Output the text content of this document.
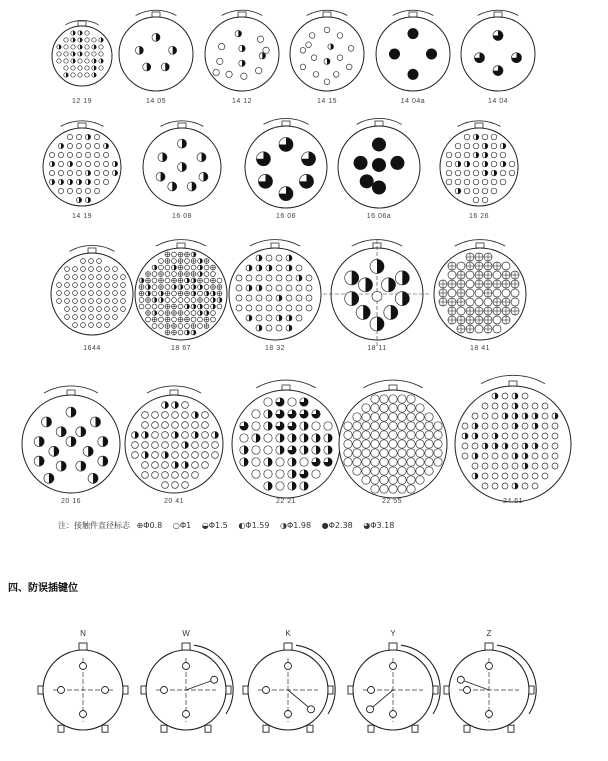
12 19	14 05	14 12	14 15	14 04a	14 04
14 19	16 08	16 06	16 06a	16 26
1644	18 67	18 32	18 11	18 41
20 16	20 41	22 21	22 55	24 61
注：接触件直径标志 ⊕Φ0.8 ○Φ1 ◒Φ1.5 ◐Φ1.59 ◑Φ1.98 ●Φ2.38 ◕Φ3.18
四、防误插键位
N	W	K	Y	Z
